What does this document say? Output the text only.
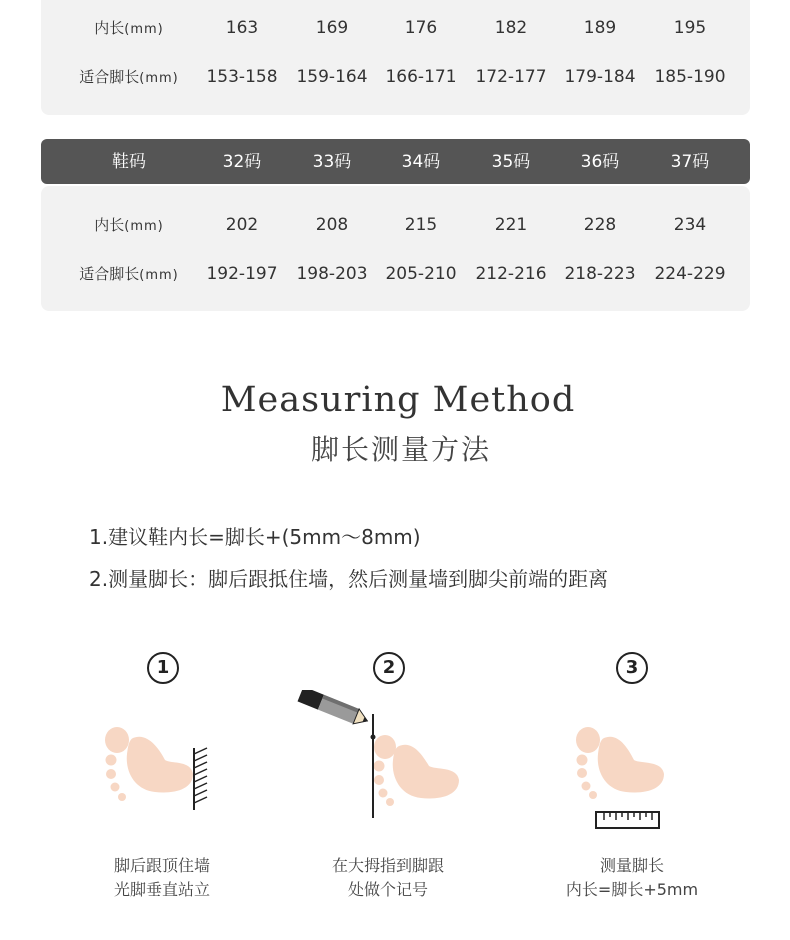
内长(mm)	163	169	176	182	189	195
适合脚长(mm)	153-158	159-164	166-171	172-177	179-184	185-190
鞋码	32码	33码	34码	35码	36码	37码
内长(mm)	202	208	215	221	228	234
适合脚长(mm)	192-197	198-203	205-210	212-216	218-223	224-229
Measuring Method
脚长测量方法
1.建议鞋内长=脚长+(5mm～8mm)
2.测量脚长：脚后跟抵住墙，然后测量墙到脚尖前端的距离
1
脚后跟顶住墙
光脚垂直站立
2
在大拇指到脚跟
处做个记号
3
测量脚长
内长=脚长+5mm
